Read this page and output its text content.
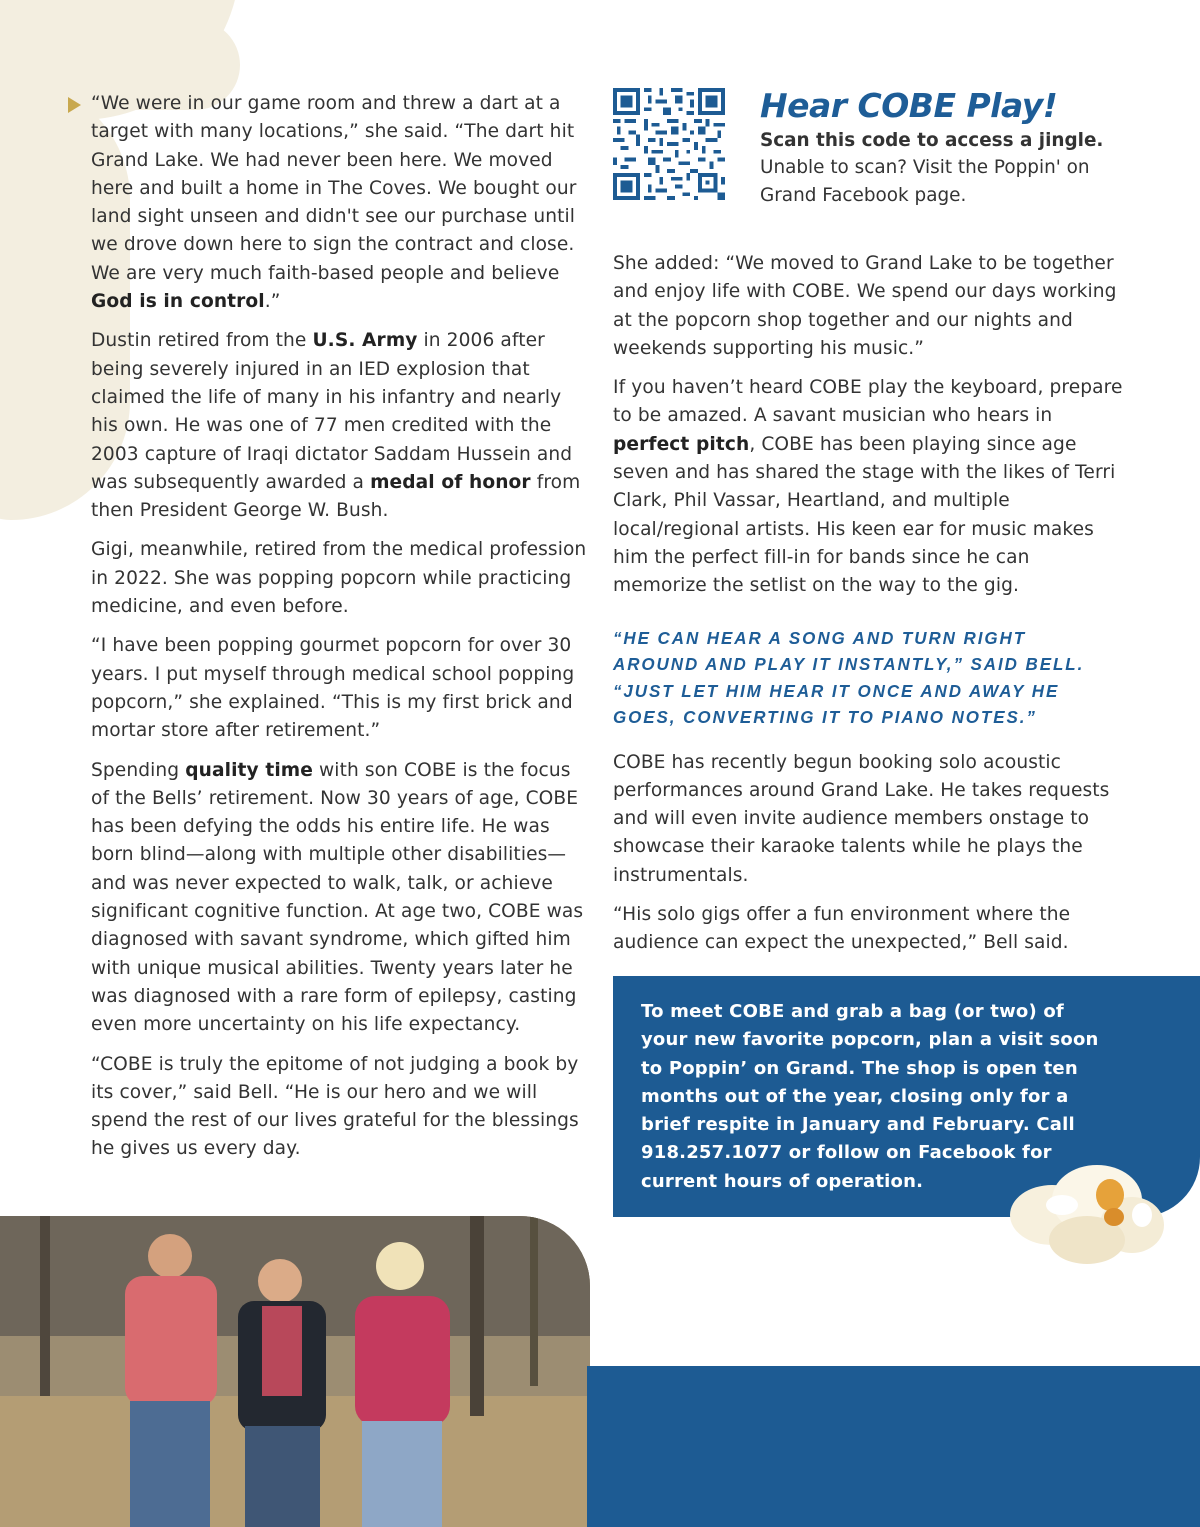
“We were in our game room and threw a dart at a target with many locations,” she said. “The dart hit Grand Lake. We had never been here. We moved here and built a home in The Coves. We bought our land sight unseen and didn't see our purchase until we drove down here to sign the contract and close. We are very much faith-based people and believe God is in control.”

Dustin retired from the U.S. Army in 2006 after being severely injured in an IED explosion that claimed the life of many in his infantry and nearly his own. He was one of 77 men credited with the 2003 capture of Iraqi dictator Saddam Hussein and was subsequently awarded a medal of honor from then President George W. Bush.

Gigi, meanwhile, retired from the medical profession in 2022. She was popping popcorn while practicing medicine, and even before.

“I have been popping gourmet popcorn for over 30 years. I put myself through medical school popping popcorn,” she explained. “This is my first brick and mortar store after retirement.”

Spending quality time with son COBE is the focus of the Bells’ retirement. Now 30 years of age, COBE has been defying the odds his entire life. He was born blind—along with multiple other disabilities—and was never expected to walk, talk, or achieve significant cognitive function. At age two, COBE was diagnosed with savant syndrome, which gifted him with unique musical abilities. Twenty years later he was diagnosed with a rare form of epilepsy, casting even more uncertainty on his life expectancy.

“COBE is truly the epitome of not judging a book by its cover,” said Bell. “He is our hero and we will spend the rest of our lives grateful for the blessings he gives us every day.

Hear COBE Play!
Scan this code to access a jingle.
Unable to scan? Visit the Poppin' on Grand Facebook page.

She added: “We moved to Grand Lake to be together and enjoy life with COBE. We spend our days working at the popcorn shop together and our nights and weekends supporting his music.”

If you haven’t heard COBE play the keyboard, prepare to be amazed. A savant musician who hears in perfect pitch, COBE has been playing since age seven and has shared the stage with the likes of Terri Clark, Phil Vassar, Heartland, and multiple local/regional artists. His keen ear for music makes him the perfect fill-in for bands since he can memorize the setlist on the way to the gig.

“HE CAN HEAR A SONG AND TURN RIGHT AROUND AND PLAY IT INSTANTLY,” SAID BELL. “JUST LET HIM HEAR IT ONCE AND AWAY HE GOES, CONVERTING IT TO PIANO NOTES.”

COBE has recently begun booking solo acoustic performances around Grand Lake. He takes requests and will even invite audience members onstage to showcase their karaoke talents while he plays the instrumentals.

“His solo gigs offer a fun environment where the audience can expect the unexpected,” Bell said.

To meet COBE and grab a bag (or two) of your new favorite popcorn, plan a visit soon to Poppin’ on Grand. The shop is open ten months out of the year, closing only for a brief respite in January and February. Call 918.257.1077 or follow on Facebook for current hours of operation.
